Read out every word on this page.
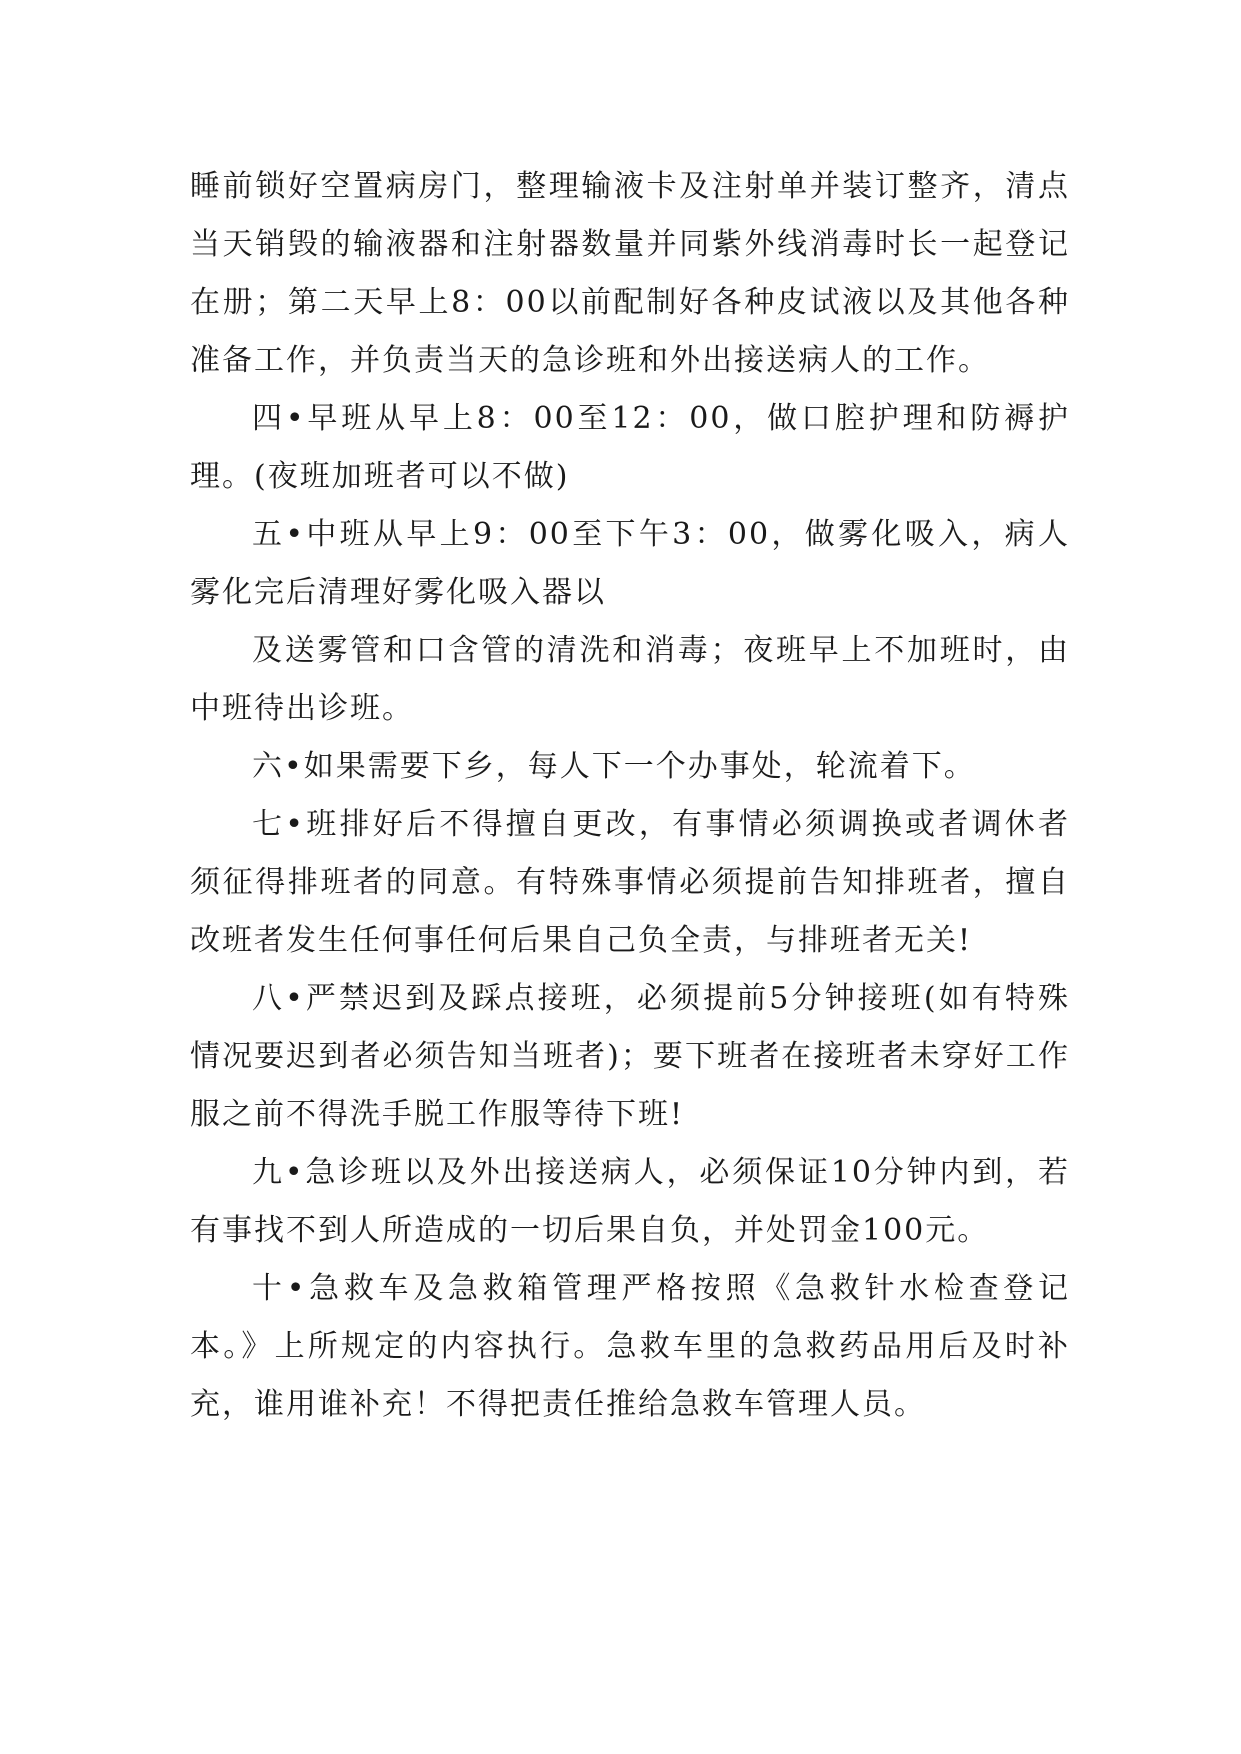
睡前锁好空置病房门，整理输液卡及注射单并装订整齐，清点当天销毁的输液器和注射器数量并同紫外线消毒时长一起登记在册；第二天早上8：00以前配制好各种皮试液以及其他各种准备工作，并负责当天的急诊班和外出接送病人的工作。

四•早班从早上8：00至12：00，做口腔护理和防褥护理。(夜班加班者可以不做)

五•中班从早上9：00至下午3：00，做雾化吸入，病人雾化完后清理好雾化吸入器以

及送雾管和口含管的清洗和消毒；夜班早上不加班时，由中班待出诊班。

六•如果需要下乡，每人下一个办事处，轮流着下。

七•班排好后不得擅自更改，有事情必须调换或者调休者须征得排班者的同意。有特殊事情必须提前告知排班者，擅自改班者发生任何事任何后果自己负全责，与排班者无关!

八•严禁迟到及踩点接班，必须提前5分钟接班(如有特殊情况要迟到者必须告知当班者)；要下班者在接班者未穿好工作服之前不得洗手脱工作服等待下班!

九•急诊班以及外出接送病人，必须保证10分钟内到，若有事找不到人所造成的一切后果自负，并处罚金100元。

十•急救车及急救箱管理严格按照《急救针水检查登记本。》上所规定的内容执行。急救车里的急救药品用后及时补充，谁用谁补充！不得把责任推给急救车管理人员。
